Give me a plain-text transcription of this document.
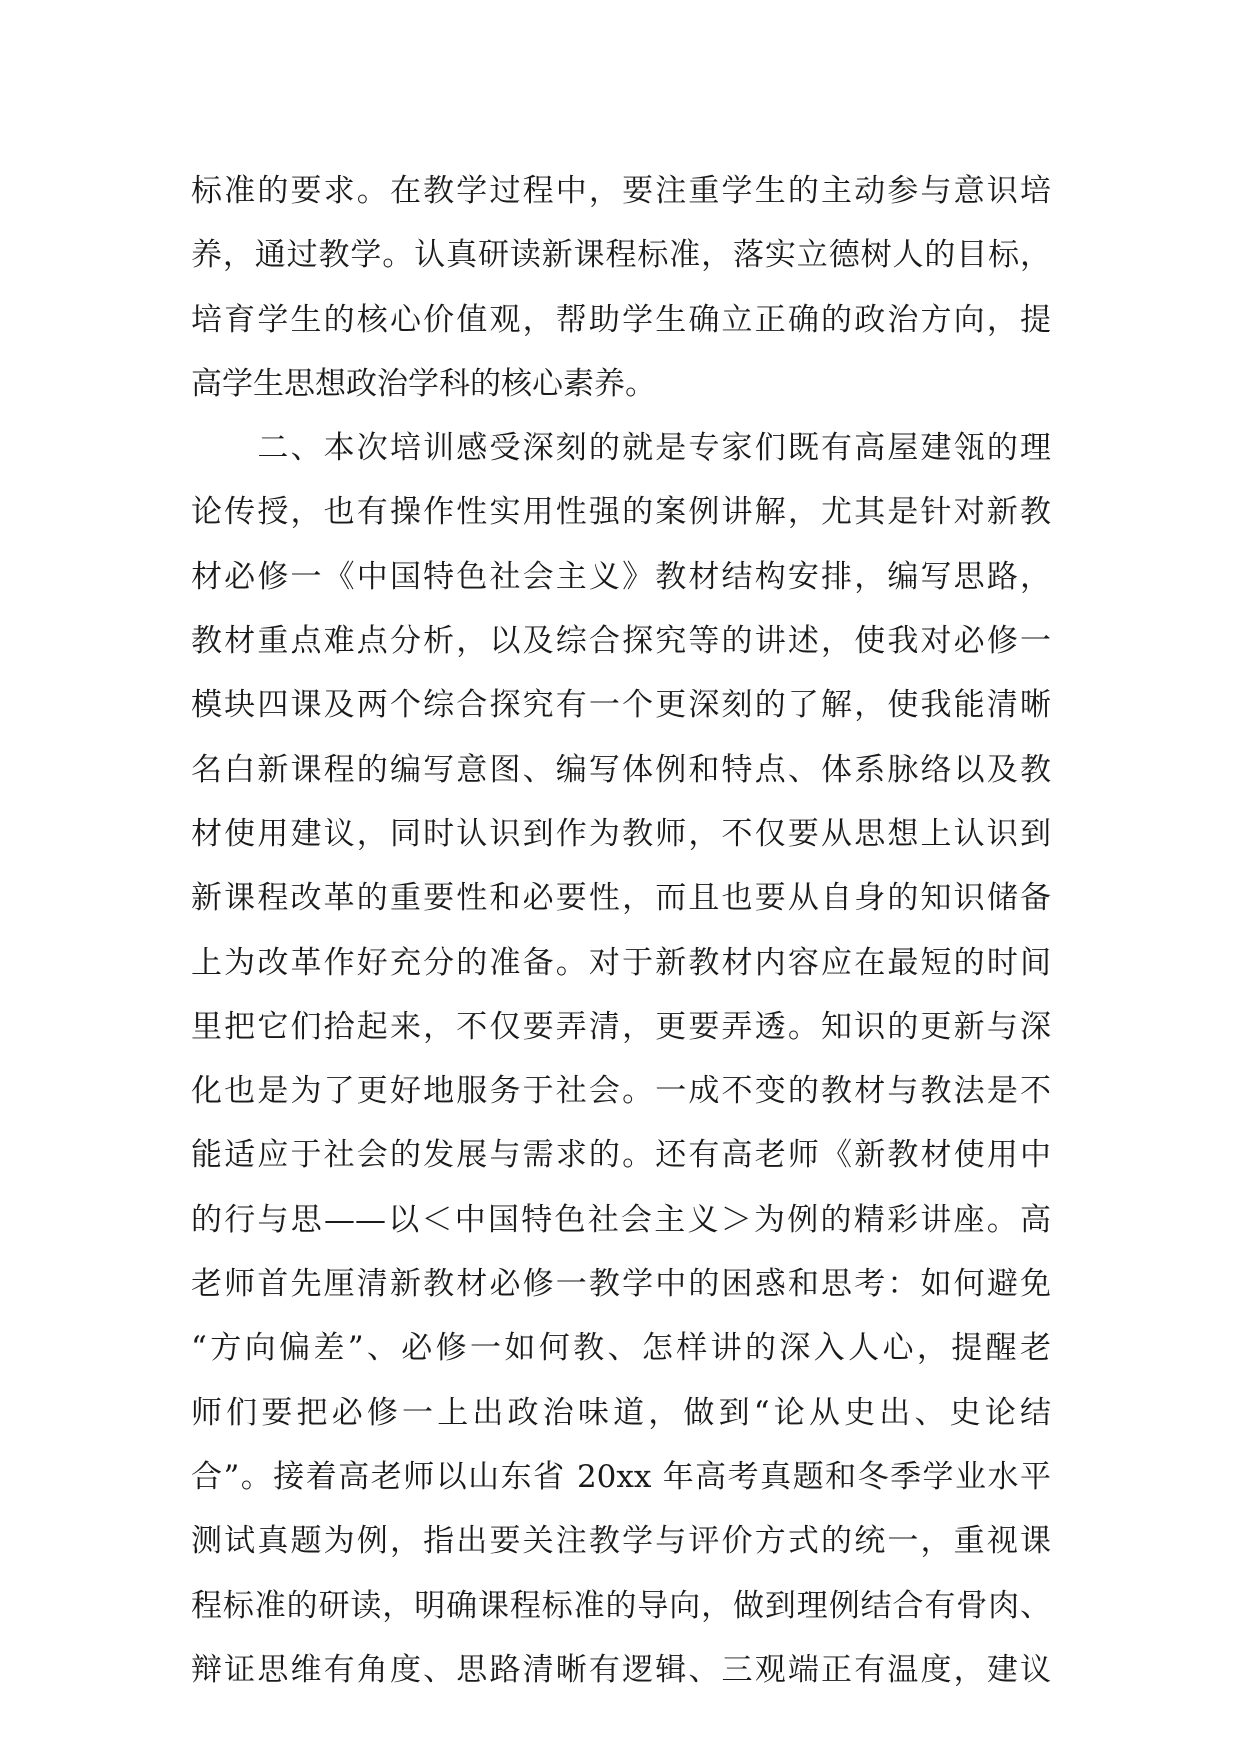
标准的要求。在教学过程中，要注重学生的主动参与意识培
养，通过教学。认真研读新课程标准，落实立德树人的目标，
培育学生的核心价值观，帮助学生确立正确的政治方向，提
高学生思想政治学科的核心素养。
　　二、本次培训感受深刻的就是专家们既有高屋建瓴的理
论传授，也有操作性实用性强的案例讲解，尤其是针对新教
材必修一《中国特色社会主义》教材结构安排，编写思路，
教材重点难点分析，以及综合探究等的讲述，使我对必修一
模块四课及两个综合探究有一个更深刻的了解，使我能清晰
名白新课程的编写意图、编写体例和特点、体系脉络以及教
材使用建议，同时认识到作为教师，不仅要从思想上认识到
新课程改革的重要性和必要性，而且也要从自身的知识储备
上为改革作好充分的准备。对于新教材内容应在最短的时间
里把它们拾起来，不仅要弄清，更要弄透。知识的更新与深
化也是为了更好地服务于社会。一成不变的教材与教法是不
能适应于社会的发展与需求的。还有高老师《新教材使用中
的行与思——以＜中国特色社会主义＞为例的精彩讲座。高
老师首先厘清新教材必修一教学中的困惑和思考：如何避免
“方向偏差”、必修一如何教、怎样讲的深入人心，提醒老
师们要把必修一上出政治味道，做到“论从史出、史论结
合”。接着高老师以山东省 20xx 年高考真题和冬季学业水平
测试真题为例，指出要关注教学与评价方式的统一，重视课
程标准的研读，明确课程标准的导向，做到理例结合有骨肉、
辩证思维有角度、思路清晰有逻辑、三观端正有温度，建议
